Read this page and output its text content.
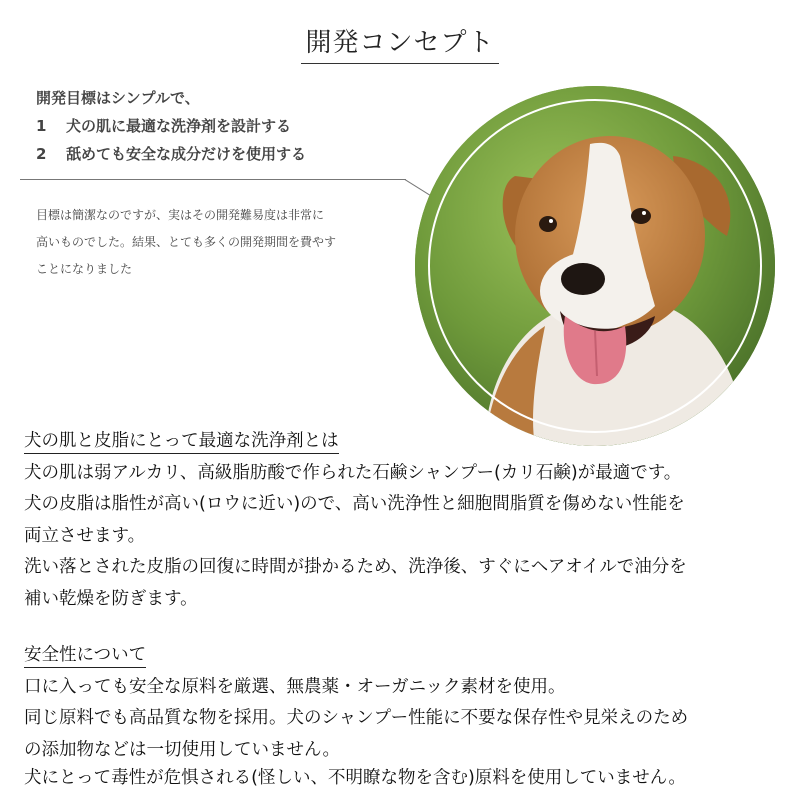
開発コンセプト
開発目標はシンプルで、
1 犬の肌に最適な洗浄剤を設計する
2 舐めても安全な成分だけを使用する
目標は簡潔なのですが、実はその開発難易度は非常に
高いものでした。結果、とても多くの開発期間を費やす
ことになりました
犬の肌と皮脂にとって最適な洗浄剤とは
犬の肌は弱アルカリ、高級脂肪酸で作られた石鹸シャンプー(カリ石鹸)が最適です。
犬の皮脂は脂性が高い(ロウに近い)ので、高い洗浄性と細胞間脂質を傷めない性能を
両立させます。
洗い落とされた皮脂の回復に時間が掛かるため、洗浄後、すぐにヘアオイルで油分を
補い乾燥を防ぎます。
安全性について
口に入っても安全な原料を厳選、無農薬・オーガニック素材を使用。
同じ原料でも高品質な物を採用。犬のシャンプー性能に不要な保存性や見栄えのため
の添加物などは一切使用していません。
犬にとって毒性が危惧される(怪しい、不明瞭な物を含む)原料を使用していません。
